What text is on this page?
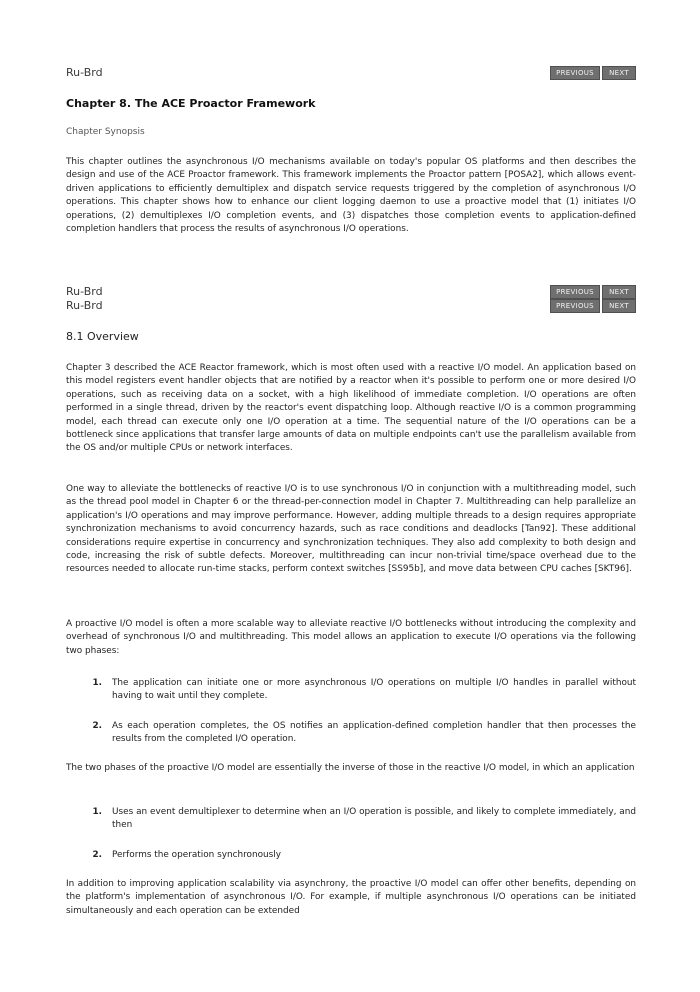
Ru-Brd	PREVIOUS	NEXT
Chapter 8. The ACE Proactor Framework
Chapter Synopsis

This chapter outlines the asynchronous I/O mechanisms available on today's popular OS platforms and then describes the design and use of the ACE Proactor framework. This framework implements the Proactor pattern [POSA2], which allows event-driven applications to efficiently demultiplex and dispatch service requests triggered by the completion of asynchronous I/O operations. This chapter shows how to enhance our client logging daemon to use a proactive model that (1) initiates I/O operations, (2) demultiplexes I/O completion events, and (3) dispatches those completion events to application-defined completion handlers that process the results of asynchronous I/O operations.

Ru-Brd	PREVIOUS	NEXT
Ru-Brd	PREVIOUS	NEXT
8.1 Overview

Chapter 3 described the ACE Reactor framework, which is most often used with a reactive I/O model. An application based on this model registers event handler objects that are notified by a reactor when it's possible to perform one or more desired I/O operations, such as receiving data on a socket, with a high likelihood of immediate completion. I/O operations are often performed in a single thread, driven by the reactor's event dispatching loop. Although reactive I/O is a common programming model, each thread can execute only one I/O operation at a time. The sequential nature of the I/O operations can be a bottleneck since applications that transfer large amounts of data on multiple endpoints can't use the parallelism available from the OS and/or multiple CPUs or network interfaces.

One way to alleviate the bottlenecks of reactive I/O is to use synchronous I/O in conjunction with a multithreading model, such as the thread pool model in Chapter 6 or the thread-per-connection model in Chapter 7. Multithreading can help parallelize an application's I/O operations and may improve performance. However, adding multiple threads to a design requires appropriate synchronization mechanisms to avoid concurrency hazards, such as race conditions and deadlocks [Tan92]. These additional considerations require expertise in concurrency and synchronization techniques. They also add complexity to both design and code, increasing the risk of subtle defects. Moreover, multithreading can incur non-trivial time/space overhead due to the resources needed to allocate run-time stacks, perform context switches [SS95b], and move data between CPU caches [SKT96].

A proactive I/O model is often a more scalable way to alleviate reactive I/O bottlenecks without introducing the complexity and overhead of synchronous I/O and multithreading. This model allows an application to execute I/O operations via the following two phases:

1.	The application can initiate one or more asynchronous I/O operations on multiple I/O handles in parallel without having to wait until they complete.
2.	As each operation completes, the OS notifies an application-defined completion handler that then processes the results from the completed I/O operation.

The two phases of the proactive I/O model are essentially the inverse of those in the reactive I/O model, in which an application

1.	Uses an event demultiplexer to determine when an I/O operation is possible, and likely to complete immediately, and then
2.	Performs the operation synchronously

In addition to improving application scalability via asynchrony, the proactive I/O model can offer other benefits, depending on the platform's implementation of asynchronous I/O. For example, if multiple asynchronous I/O operations can be initiated simultaneously and each operation can be extended
